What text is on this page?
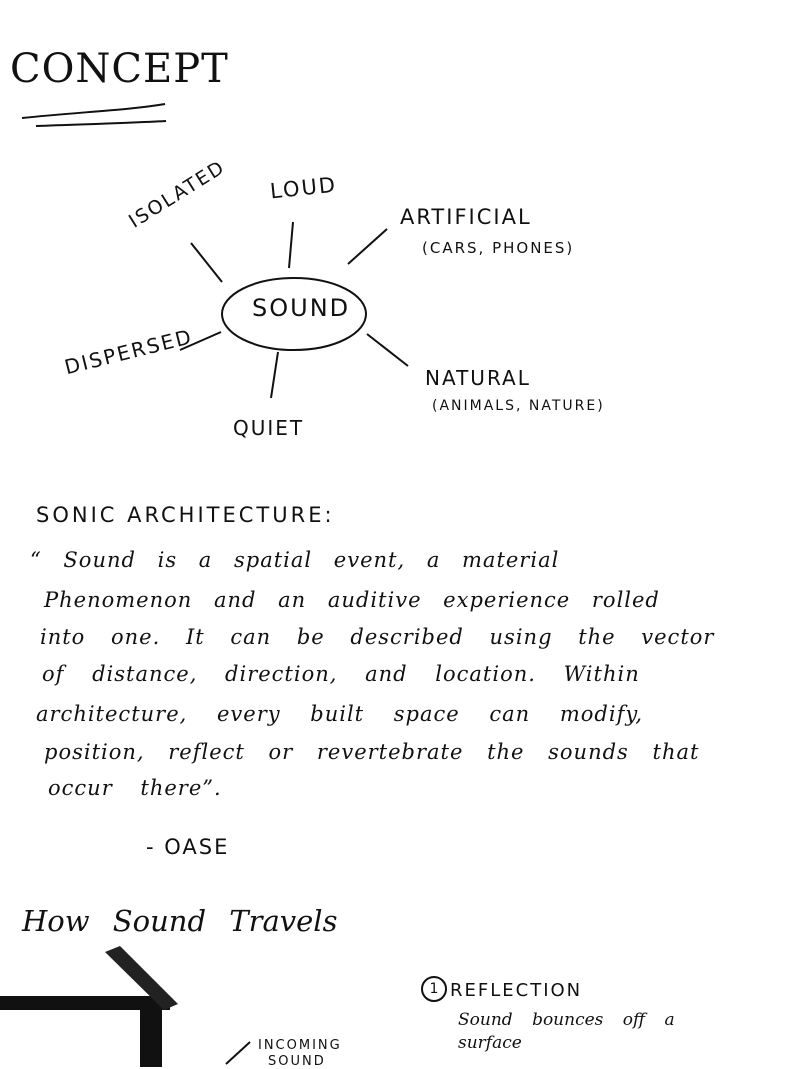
CONCEPT
SOUND
ISOLATED LOUD
ARTIFICIAL
(CARS, PHONES)
DISPERSED	NATURAL
(ANIMALS, NATURE)
QUIET
SONIC ARCHITECTURE:
“ Sound is a spatial event, a material
Phenomenon and an auditive experience rolled
into one. It can be described using the vector
of distance, direction, and location. Within
architecture, every built space can modify,
position, reflect or revertebrate the sounds that
occur there”.
- OASE
How Sound Travels
1 REFLECTION
Sound bounces off a
surface
INCOMING
SOUND
